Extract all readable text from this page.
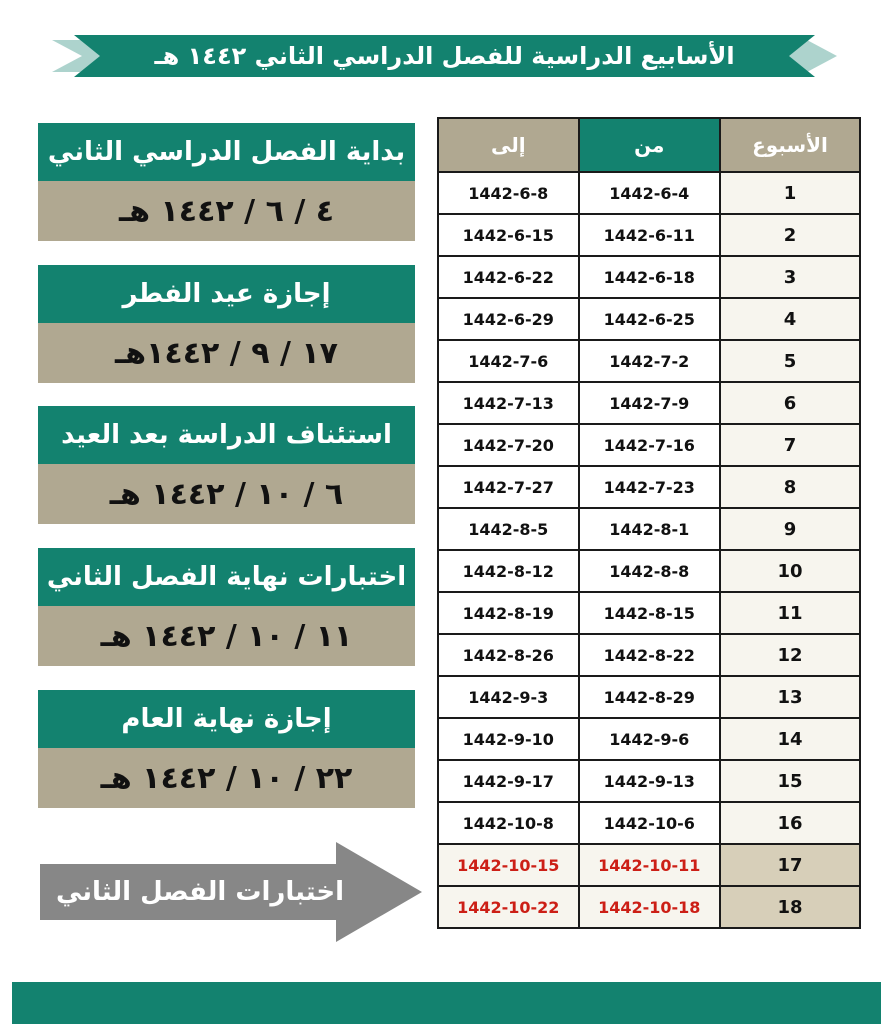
الأسابيع الدراسية للفصل الدراسي الثاني ١٤٤٢ هـ
بداية الفصل الدراسي الثاني
٤ / ٦ / ١٤٤٢ هـ
إجازة عيد الفطر
١٧ / ٩ / ١٤٤٢هـ
استئناف الدراسة بعد العيد
٦ / ١٠ / ١٤٤٢ هـ
اختبارات نهاية الفصل الثاني
١١ / ١٠ / ١٤٤٢ هـ
إجازة نهاية العام
٢٢ / ١٠ / ١٤٤٢ هـ
اختبارات الفصل الثاني
إلى	من	الأسبوع
1442-6-8	1442-6-4	1
1442-6-15	1442-6-11	2
1442-6-22	1442-6-18	3
1442-6-29	1442-6-25	4
1442-7-6	1442-7-2	5
1442-7-13	1442-7-9	6
1442-7-20	1442-7-16	7
1442-7-27	1442-7-23	8
1442-8-5	1442-8-1	9
1442-8-12	1442-8-8	10
1442-8-19	1442-8-15	11
1442-8-26	1442-8-22	12
1442-9-3	1442-8-29	13
1442-9-10	1442-9-6	14
1442-9-17	1442-9-13	15
1442-10-8	1442-10-6	16
1442-10-15	1442-10-11	17
1442-10-22	1442-10-18	18
